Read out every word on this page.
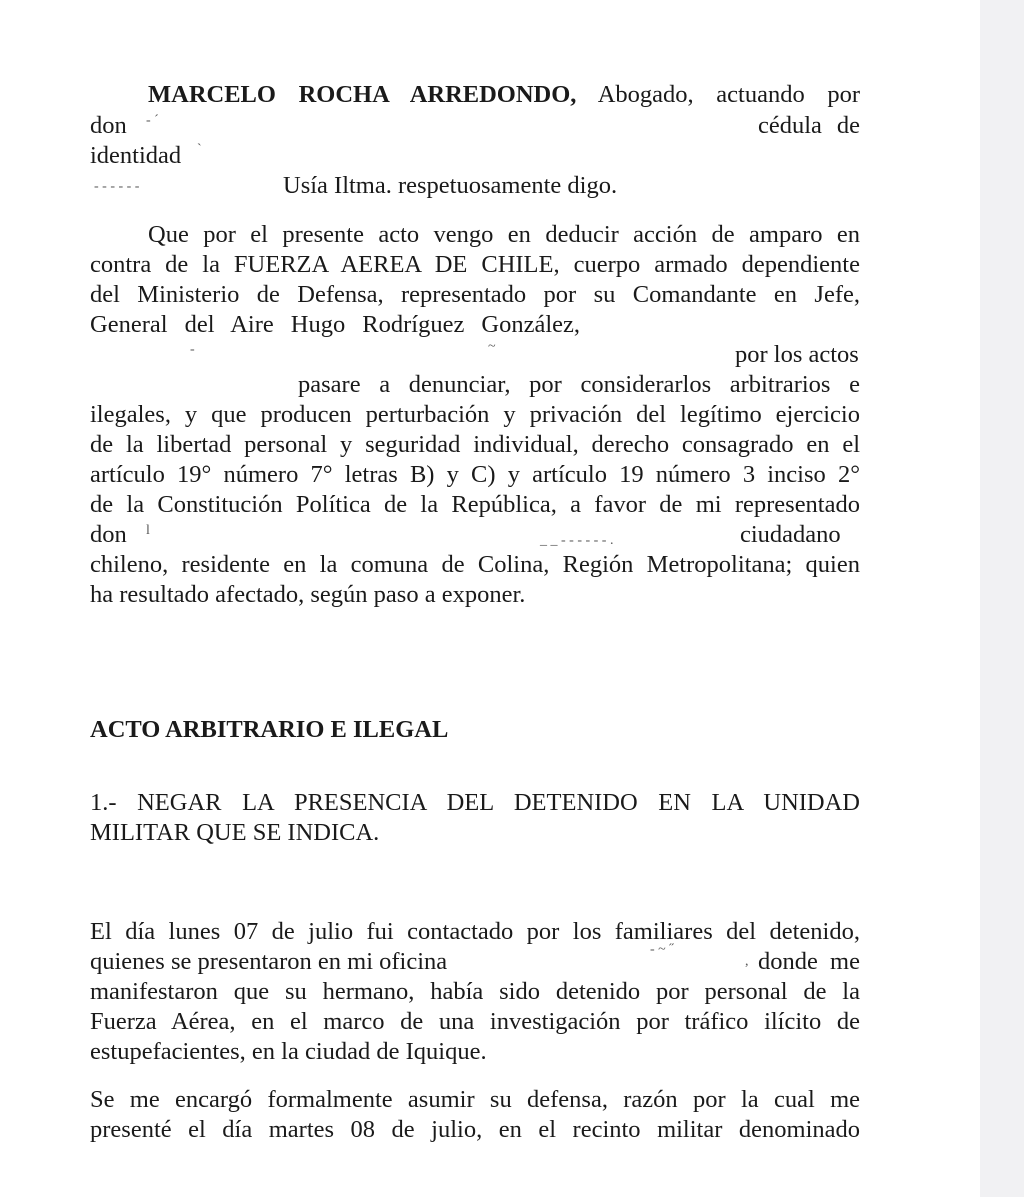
MARCELO ROCHA ARREDONDO, Abogado, actuando por
don	cédula de
identidad
Usía Iltma. respetuosamente digo.
Que por el presente acto vengo en deducir acción de amparo en
contra de la FUERZA AEREA DE CHILE, cuerpo armado dependiente
del Ministerio de Defensa, representado por su Comandante en Jefe,
General del Aire Hugo Rodríguez González,
por los actos
pasare a denunciar, por considerarlos arbitrarios e
ilegales, y que producen perturbación y privación del legítimo ejercicio
de la libertad personal y seguridad individual, derecho consagrado en el
artículo 19° número 7° letras B) y C) y artículo 19 número 3 inciso 2°
de la Constitución Política de la República, a favor de mi representado
don	ciudadano
chileno, residente en la comuna de Colina, Región Metropolitana; quien
ha resultado afectado, según paso a exponer.
ACTO ARBITRARIO E ILEGAL
1.- NEGAR LA PRESENCIA DEL DETENIDO EN LA UNIDAD
MILITAR QUE SE INDICA.
El día lunes 07 de julio fui contactado por los familiares del detenido,
quienes se presentaron en mi oficina	donde me
manifestaron que su hermano, había sido detenido por personal de la
Fuerza Aérea, en el marco de una investigación por tráfico ilícito de
estupefacientes, en la ciudad de Iquique.
Se me encargó formalmente asumir su defensa, razón por la cual me
presenté el día martes 08 de julio, en el recinto militar denominado
- ˊ
ˋ
- - - - - -
-	~
l
_ _ - - - - - - .
- ~ ˝
,
